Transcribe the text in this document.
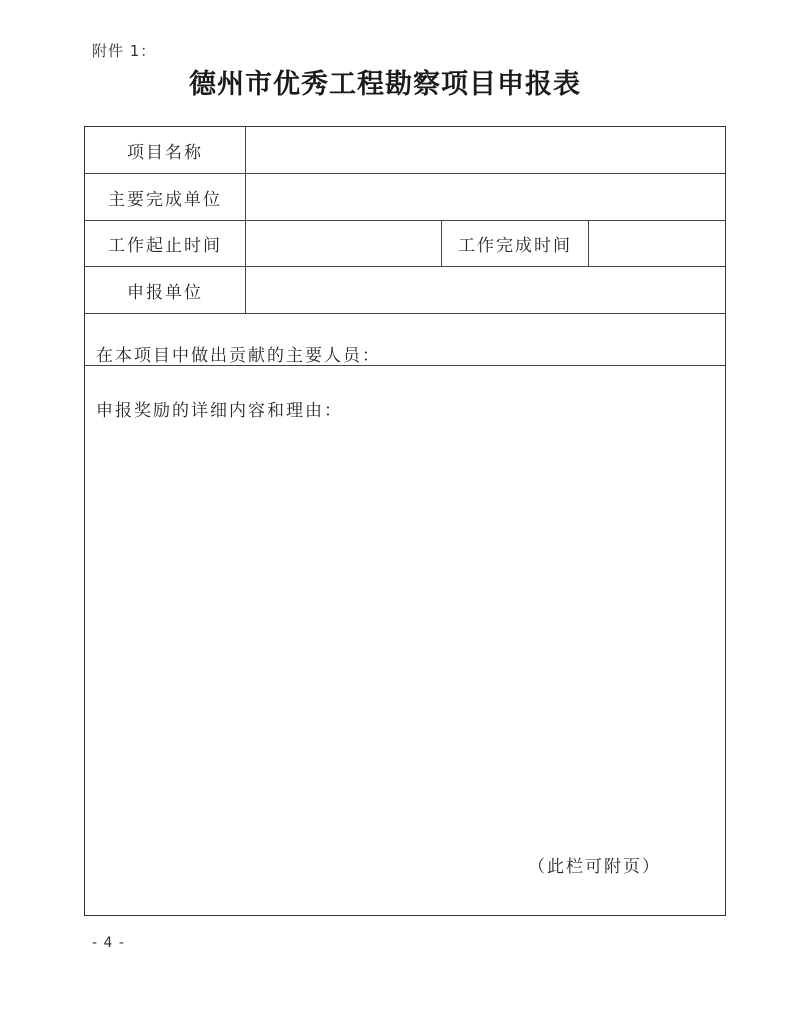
附件 1：
德州市优秀工程勘察项目申报表
项目名称
主要完成单位
工作起止时间	工作完成时间
申报单位
在本项目中做出贡献的主要人员：
申报奖励的详细内容和理由：
（此栏可附页）
- 4 -
